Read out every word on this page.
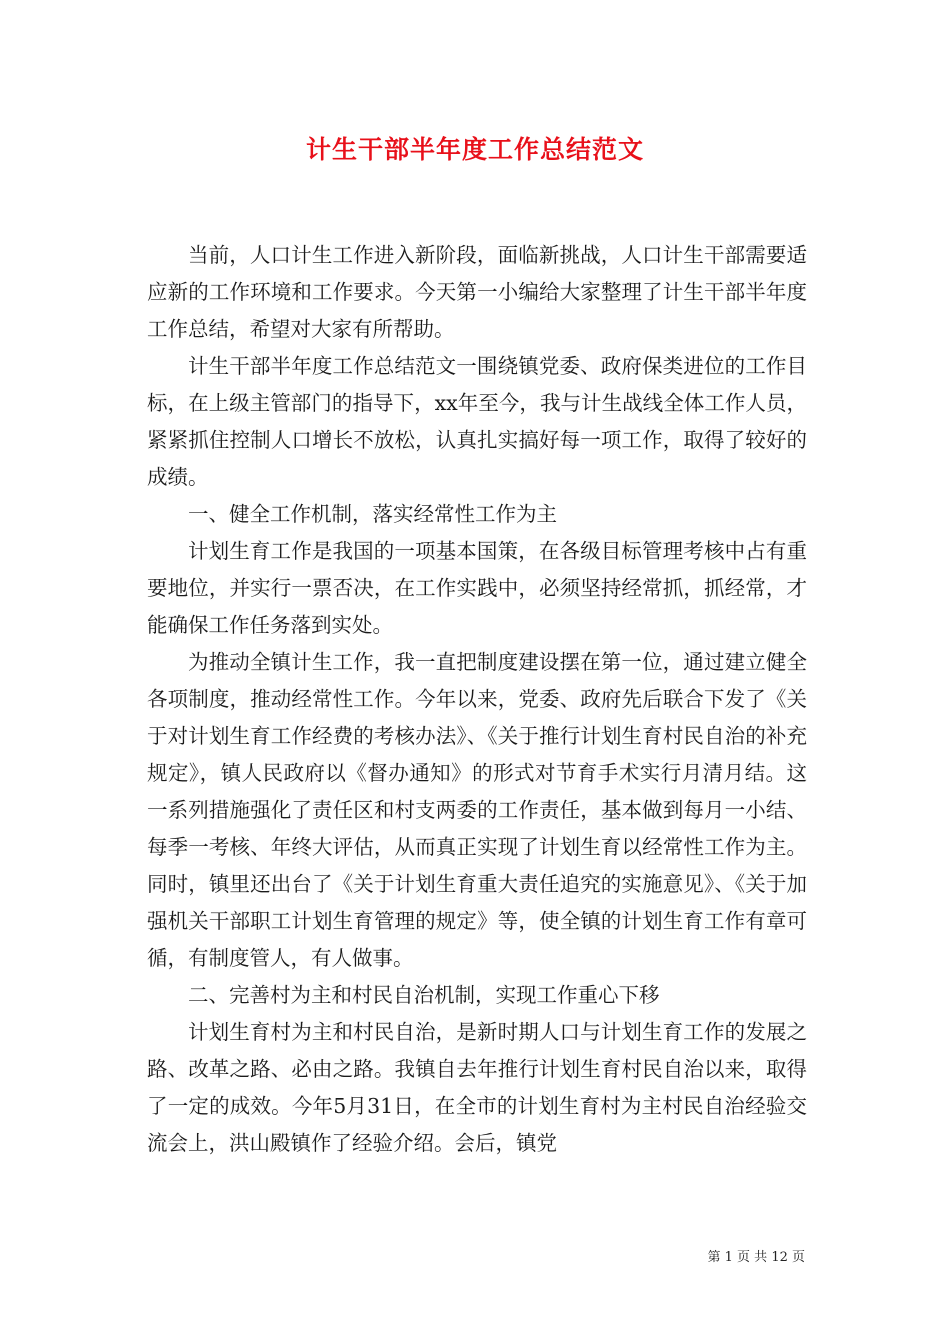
计生干部半年度工作总结范文

当前，人口计生工作进入新阶段，面临新挑战，人口计生干部需要适应新的工作环境和工作要求。今天第一小编给大家整理了计生干部半年度工作总结，希望对大家有所帮助。

计生干部半年度工作总结范文一围绕镇党委、政府保类进位的工作目标，在上级主管部门的指导下，xx年至今，我与计生战线全体工作人员，紧紧抓住控制人口增长不放松，认真扎实搞好每一项工作，取得了较好的成绩。

一、健全工作机制，落实经常性工作为主

计划生育工作是我国的一项基本国策，在各级目标管理考核中占有重要地位，并实行一票否决，在工作实践中，必须坚持经常抓，抓经常，才能确保工作任务落到实处。

为推动全镇计生工作，我一直把制度建设摆在第一位，通过建立健全各项制度，推动经常性工作。今年以来，党委、政府先后联合下发了《关于对计划生育工作经费的考核办法》、《关于推行计划生育村民自治的补充规定》，镇人民政府以《督办通知》的形式对节育手术实行月清月结。这一系列措施强化了责任区和村支两委的工作责任，基本做到每月一小结、每季一考核、年终大评估，从而真正实现了计划生育以经常性工作为主。同时，镇里还出台了《关于计划生育重大责任追究的实施意见》、《关于加强机关干部职工计划生育管理的规定》等，使全镇的计划生育工作有章可循，有制度管人，有人做事。

二、完善村为主和村民自治机制，实现工作重心下移

计划生育村为主和村民自治，是新时期人口与计划生育工作的发展之路、改革之路、必由之路。我镇自去年推行计划生育村民自治以来，取得了一定的成效。今年5月31日，在全市的计划生育村为主村民自治经验交流会上，洪山殿镇作了经验介绍。会后，镇党

第 1 页 共 12 页
